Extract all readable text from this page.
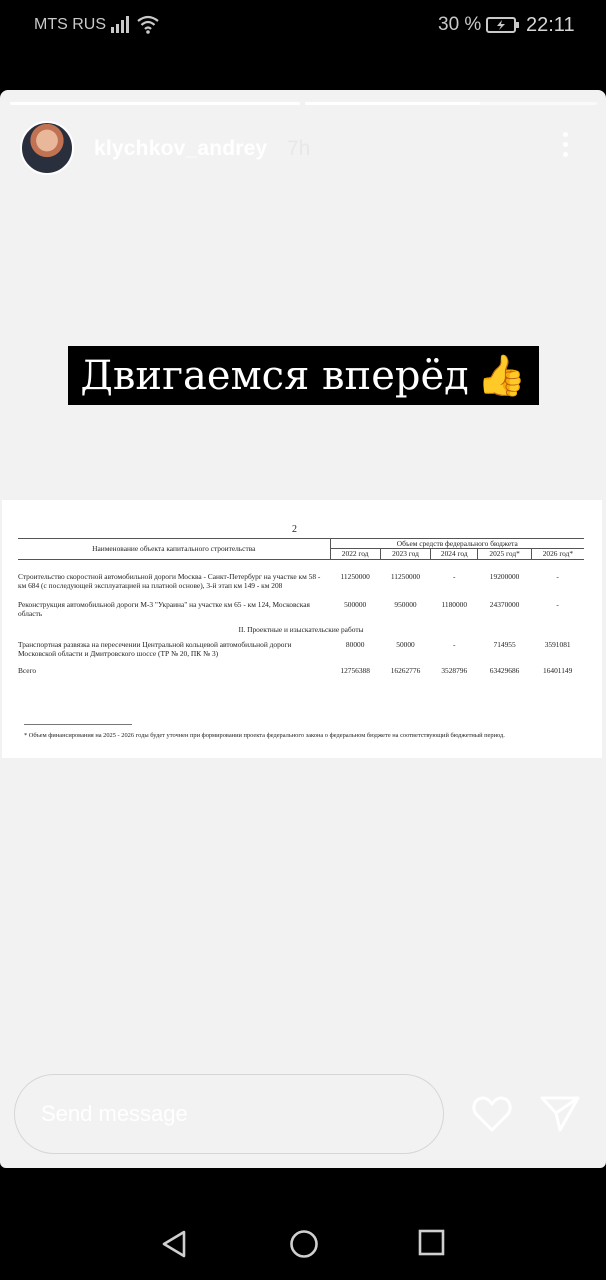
MTS RUS	30 % 22:11
klychkov_andrey 7h
Двигаемся вперёд 👍
2
Наименование объекта капитального строительства	Объем средств федерального бюджета				
	2022 год	2023 год	2024 год	2025 год*	2026 год*
Строительство скоростной автомобильной дороги Москва - Санкт-Петербург на участке км 58 - км 684 (с последующей эксплуатацией на платной основе), 3-й этап км 149 - км 208	11250000	11250000	-	19200000	-
Реконструкция автомобильной дороги М-3 "Украина" на участке км 65 - км 124, Московская область	500000	950000	1180000	24370000	-
II. Проектные и изыскательские работы					
Транспортная развязка на пересечении Центральной кольцевой автомобильной дороги Московской области и Дмитровского шоссе (ТР № 20, ПК № 3)	80000	50000	-	714955	3591081
Всего	12756388	16262776	3528796	63429686	16401149
* Объем финансирования на 2025 - 2026 годы будет уточнен при формировании проекта федерального закона о федеральном бюджете на соответствующий бюджетный период.
Send message
